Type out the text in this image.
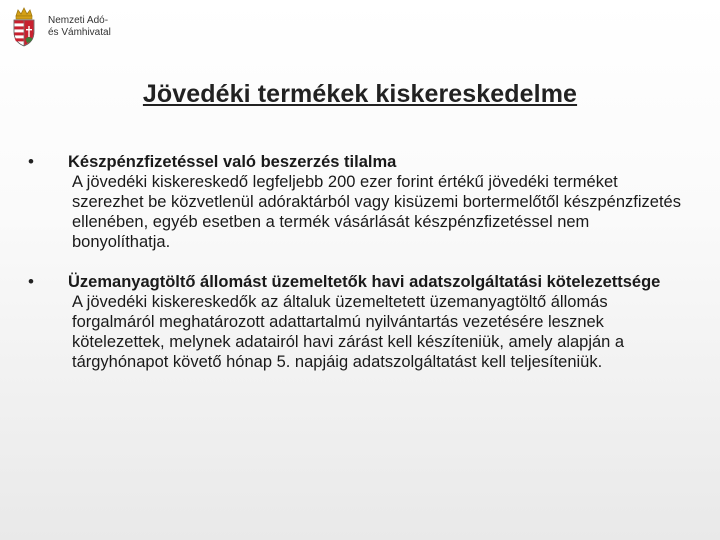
Nemzeti Adó-
és Vámhivatal
Jövedéki termékek kiskereskedelme
•	Készpénzfizetéssel való beszerzés tilalma
A jövedéki kiskereskedő legfeljebb 200 ezer forint értékű jövedéki terméket szerezhet be közvetlenül adóraktárból vagy kisüzemi bortermelőtől készpénzfizetés ellenében, egyéb esetben a termék vásárlását készpénzfizetéssel nem bonyolíthatja.
•	Üzemanyagtöltő állomást üzemeltetők havi adatszolgáltatási kötelezettsége
A jövedéki kiskereskedők az általuk üzemeltetett üzemanyagtöltő állomás forgalmáról meghatározott adattartalmú nyilvántartás vezetésére lesznek kötelezettek, melynek adatairól havi zárást kell készíteniük, amely alapján a tárgyhónapot követő hónap 5. napjáig adatszolgáltatást kell teljesíteniük.
